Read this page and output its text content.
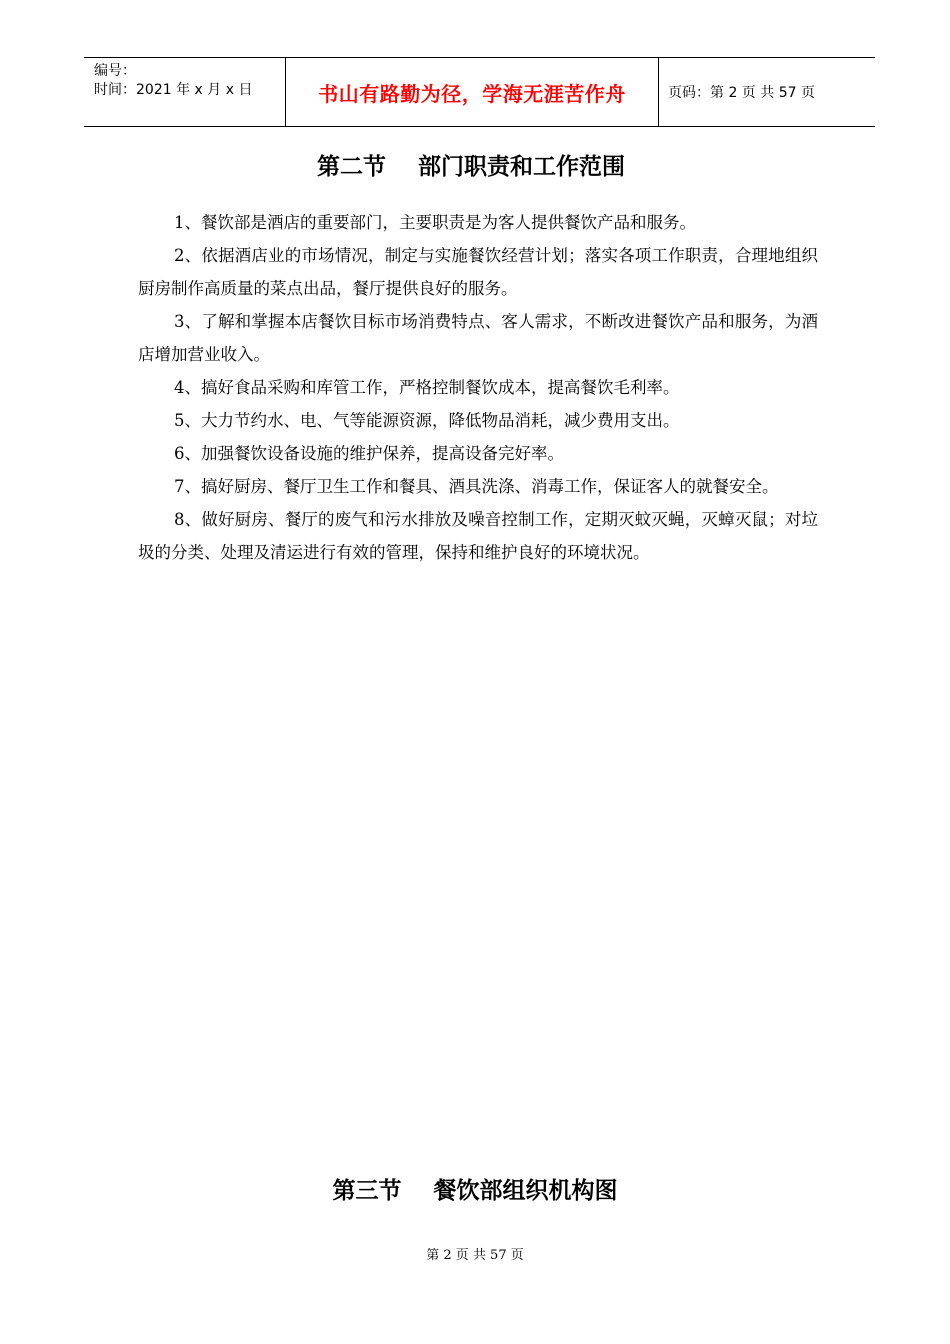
编号：
时间：2021 年 x 月 x 日	书山有路勤为径，学海无涯苦作舟	页码：第 2 页 共 57 页
第二节    部门职责和工作范围

1、餐饮部是酒店的重要部门，主要职责是为客人提供餐饮产品和服务。

2、依据酒店业的市场情况，制定与实施餐饮经营计划；落实各项工作职责，合理地组织厨房制作高质量的菜点出品，餐厅提供良好的服务。

3、了解和掌握本店餐饮目标市场消费特点、客人需求，不断改进餐饮产品和服务，为酒店增加营业收入。

4、搞好食品采购和库管工作，严格控制餐饮成本，提高餐饮毛利率。

5、大力节约水、电、气等能源资源，降低物品消耗，减少费用支出。

6、加强餐饮设备设施的维护保养，提高设备完好率。

7、搞好厨房、餐厅卫生工作和餐具、酒具洗涤、消毒工作，保证客人的就餐安全。

8、做好厨房、餐厅的废气和污水排放及噪音控制工作，定期灭蚊灭蝇，灭蟑灭鼠；对垃圾的分类、处理及清运进行有效的管理，保持和维护良好的环境状况。

第三节    餐饮部组织机构图
第 2 页 共 57 页
